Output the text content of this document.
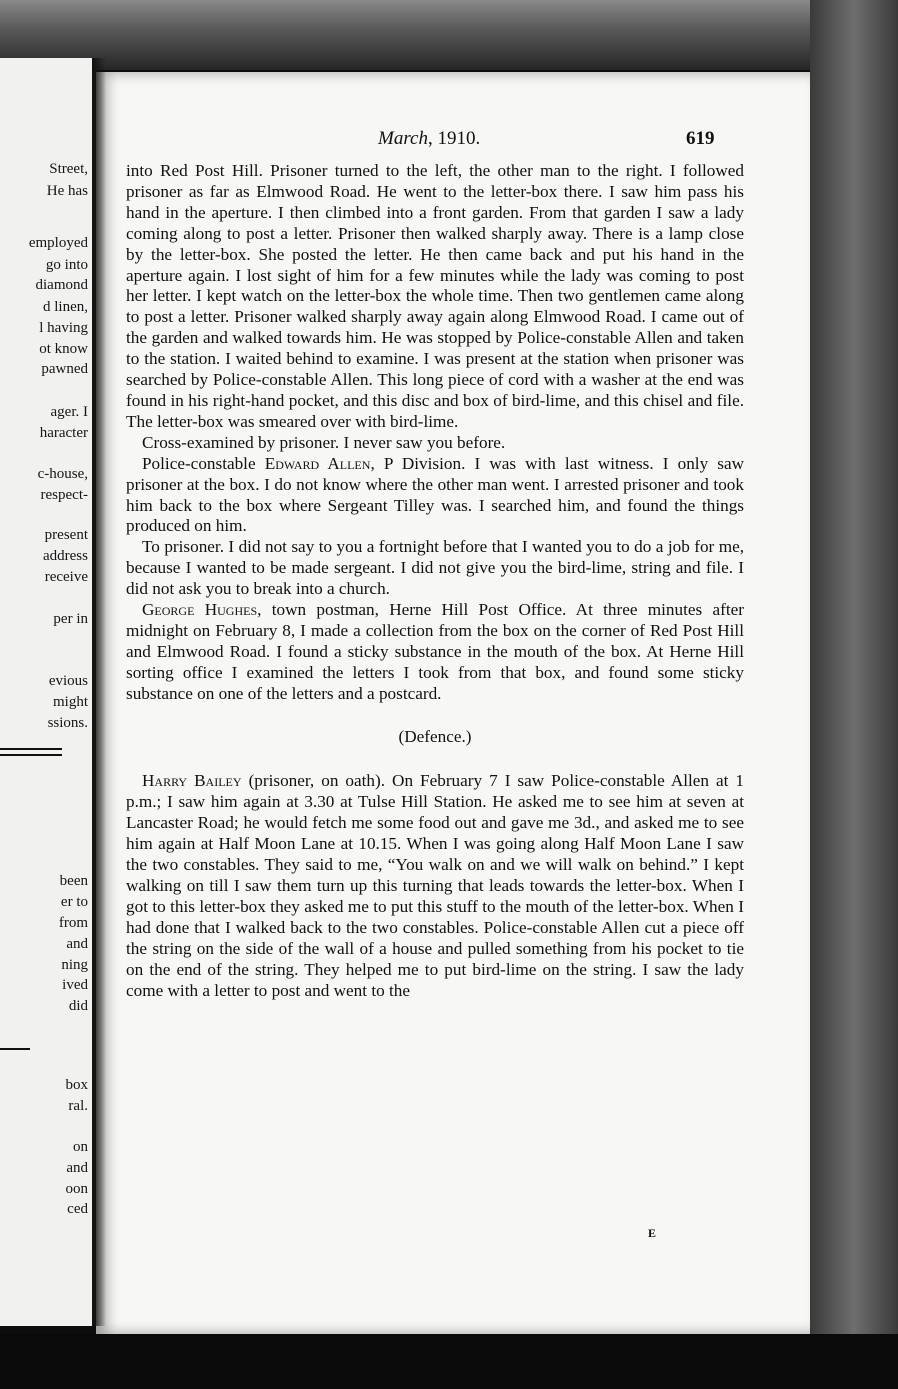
Street,
He has
employed
go into
diamond
d linen,
l having
ot know
pawned
ager. I
haracter
c-house,
respect-
present
address
receive
per in
evious
might
ssions.
been
er to
from
and
ning
ived
did
box
ral.
on
and
oon
ced
March, 1910.	619

into Red Post Hill. Prisoner turned to the left, the other man to the right. I followed prisoner as far as Elmwood Road. He went to the letter-box there. I saw him pass his hand in the aperture. I then climbed into a front garden. From that garden I saw a lady coming along to post a letter. Prisoner then walked sharply away. There is a lamp close by the letter-box. She posted the letter. He then came back and put his hand in the aperture again. I lost sight of him for a few minutes while the lady was coming to post her letter. I kept watch on the letter-box the whole time. Then two gentlemen came along to post a letter. Prisoner walked sharply away again along Elmwood Road. I came out of the garden and walked towards him. He was stopped by Police-constable Allen and taken to the station. I waited behind to examine. I was present at the station when prisoner was searched by Police-constable Allen. This long piece of cord with a washer at the end was found in his right-hand pocket, and this disc and box of bird-lime, and this chisel and file. The letter-box was smeared over with bird-lime.

Cross-examined by prisoner. I never saw you before.

Police-constable Edward Allen, P Division. I was with last witness. I only saw prisoner at the box. I do not know where the other man went. I arrested prisoner and took him back to the box where Sergeant Tilley was. I searched him, and found the things produced on him.

To prisoner. I did not say to you a fortnight before that I wanted you to do a job for me, because I wanted to be made sergeant. I did not give you the bird-lime, string and file. I did not ask you to break into a church.

George Hughes, town postman, Herne Hill Post Office. At three minutes after midnight on February 8, I made a collection from the box on the corner of Red Post Hill and Elmwood Road. I found a sticky substance in the mouth of the box. At Herne Hill sorting office I examined the letters I took from that box, and found some sticky substance on one of the letters and a postcard.

(Defence.)

Harry Bailey (prisoner, on oath). On February 7 I saw Police-constable Allen at 1 p.m.; I saw him again at 3.30 at Tulse Hill Station. He asked me to see him at seven at Lancaster Road; he would fetch me some food out and gave me 3d., and asked me to see him again at Half Moon Lane at 10.15. When I was going along Half Moon Lane I saw the two constables. They said to me, “You walk on and we will walk on behind.” I kept walking on till I saw them turn up this turning that leads towards the letter-box. When I got to this letter-box they asked me to put this stuff to the mouth of the letter-box. When I had done that I walked back to the two constables. Police-constable Allen cut a piece off the string on the side of the wall of a house and pulled something from his pocket to tie on the end of the string. They helped me to put bird-lime on the string. I saw the lady come with a letter to post and went to the

E
